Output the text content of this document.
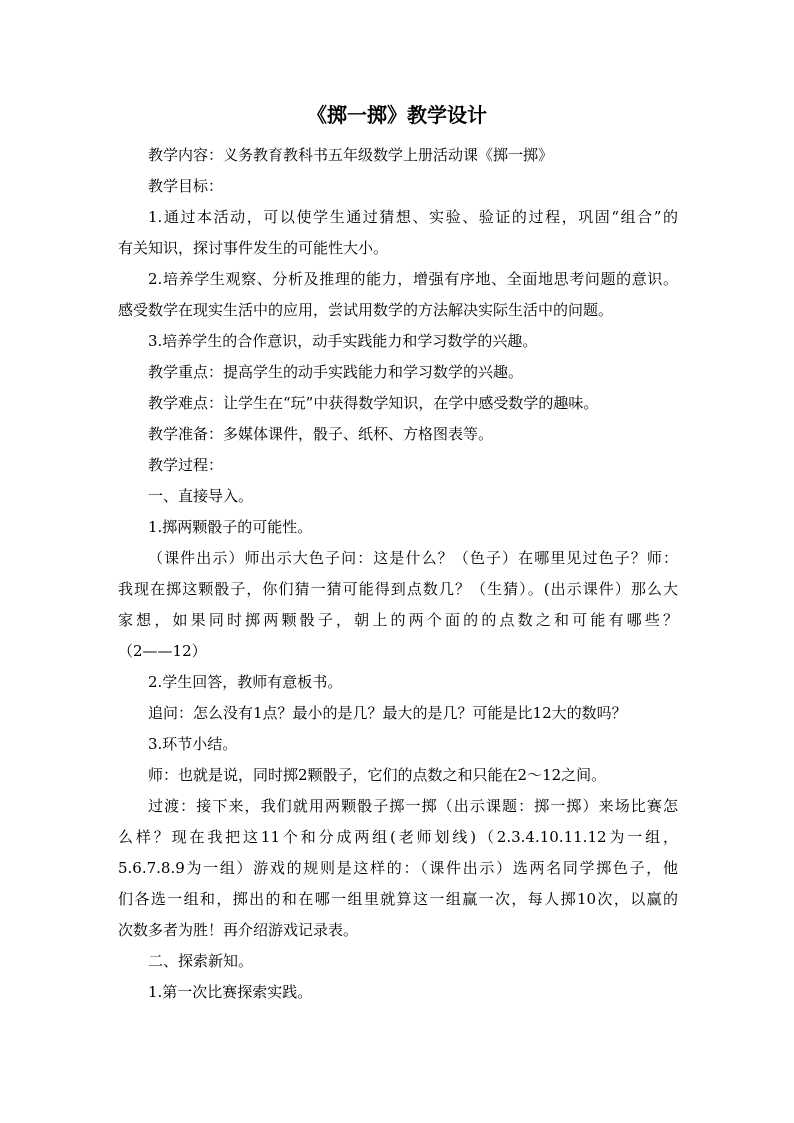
《掷一掷》教学设计
教学内容：义务教育教科书五年级数学上册活动课《掷一掷》
教学目标：
1.通过本活动，可以使学生通过猜想、实验、验证的过程，巩固“组合”的
有关知识，探讨事件发生的可能性大小。
2.培养学生观察、分析及推理的能力，增强有序地、全面地思考问题的意识。
感受数学在现实生活中的应用，尝试用数学的方法解决实际生活中的问题。
3.培养学生的合作意识，动手实践能力和学习数学的兴趣。
教学重点：提高学生的动手实践能力和学习数学的兴趣。
教学难点：让学生在“玩”中获得数学知识，在学中感受数学的趣味。
教学准备：多媒体课件，骰子、纸杯、方格图表等。
教学过程：
一、直接导入。
1.掷两颗骰子的可能性。
（课件出示）师出示大色子问：这是什么？（色子）在哪里见过色子？师：
我现在掷这颗骰子，你们猜一猜可能得到点数几？（生猜）。(出示课件）那么大
家想，如果同时掷两颗骰子，朝上的两个面的的点数之和可能有哪些？
（2——12）
2.学生回答，教师有意板书。
追问：怎么没有1点？最小的是几？最大的是几？可能是比12大的数吗？
3.环节小结。
师：也就是说，同时掷2颗骰子，它们的点数之和只能在2～12之间。
过渡：接下来，我们就用两颗骰子掷一掷（出示课题：掷一掷）来场比赛怎
么样？现在我把这11个和分成两组(老师划线)（2.3.4.10.11.12为一组，
5.6.7.8.9为一组）游戏的规则是这样的：（课件出示）选两名同学掷色子，他
们各选一组和，掷出的和在哪一组里就算这一组赢一次，每人掷10次，以赢的
次数多者为胜！再介绍游戏记录表。
二、探索新知。
1.第一次比赛探索实践。
